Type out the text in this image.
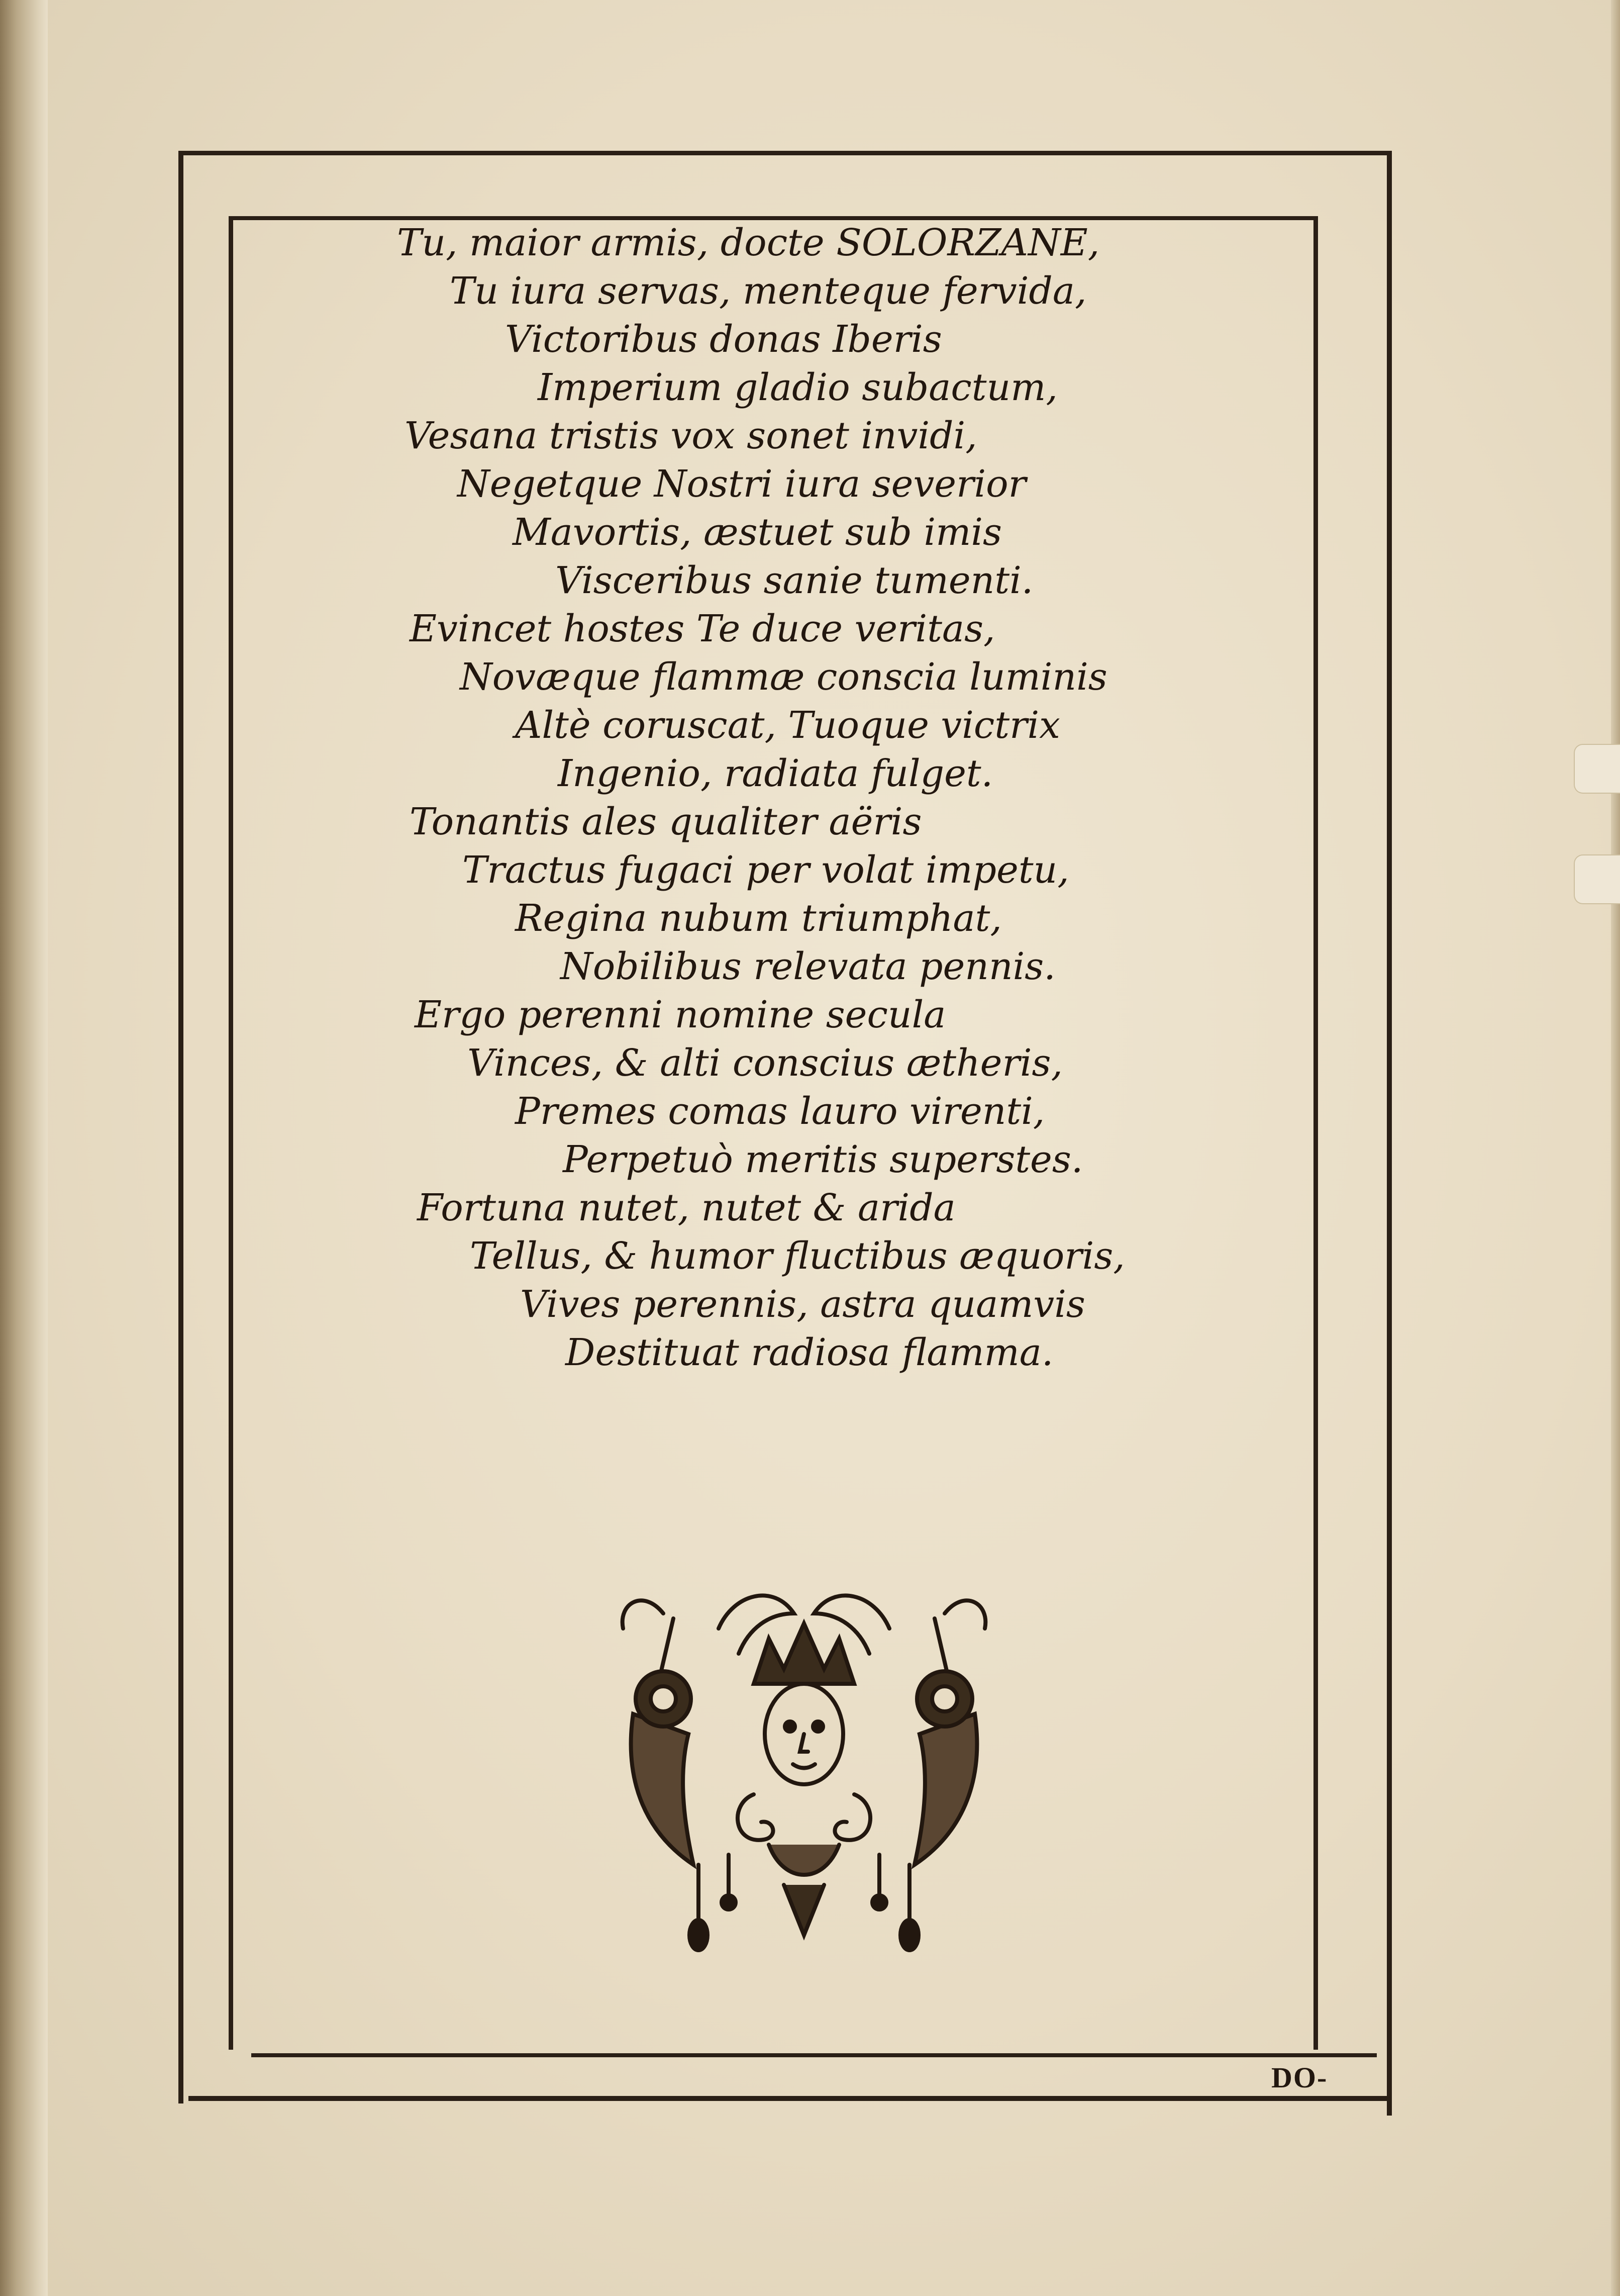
Tu, maior armis, docte SOLORZANE,
Tu iura servas, menteque fervida,
Victoribus donas Iberis
Imperium gladio subactum,
Vesana tristis vox sonet invidi,
Negetque Nostri iura severior
Mavortis, æstuet sub imis
Visceribus sanie tumenti.
Evincet hostes Te duce veritas,
Novæque flammæ conscia luminis
Altè coruscat, Tuoque victrix
Ingenio, radiata fulget.
Tonantis ales qualiter aëris
Tractus fugaci per volat impetu,
Regina nubum triumphat,
Nobilibus relevata pennis.
Ergo perenni nomine secula
Vinces, & alti conscius ætheris,
Premes comas lauro virenti,
Perpetuò meritis superstes.
Fortuna nutet, nutet & arida
Tellus, & humor fluctibus æquoris,
Vives perennis, astra quamvis
Destituat radiosa flamma.
DO-
